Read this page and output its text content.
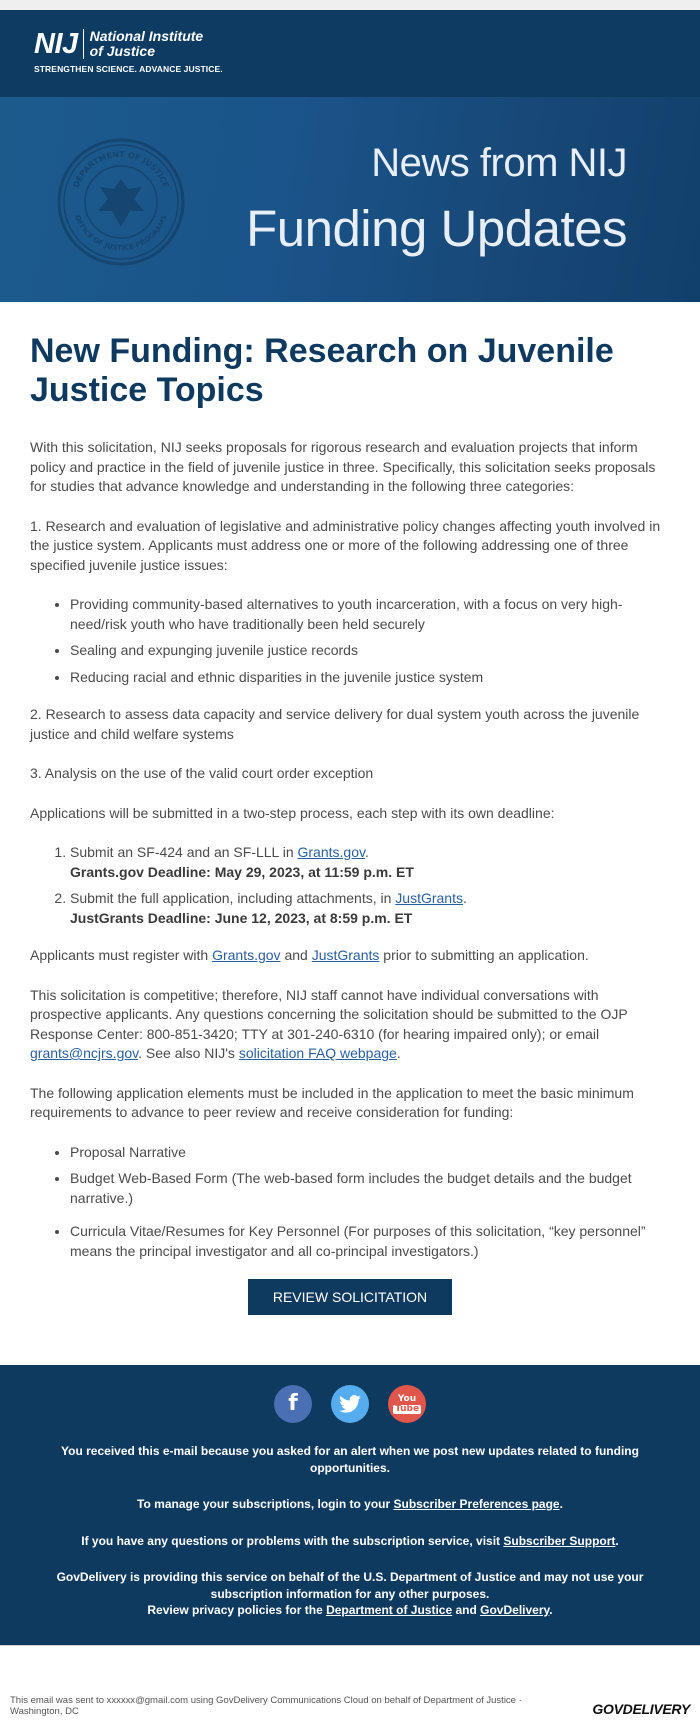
NIJ National Institute
of Justice
STRENGTHEN SCIENCE. ADVANCE JUSTICE.
DEPARTMENT OF JUSTICE
OFFICE OF JUSTICE PROGRAMS
News from NIJ
Funding Updates
New Funding: Research on Juvenile Justice Topics

With this solicitation, NIJ seeks proposals for rigorous research and evaluation projects that inform policy and practice in the field of juvenile justice in three. Specifically, this solicitation seeks proposals for studies that advance knowledge and understanding in the following three categories:

1. Research and evaluation of legislative and administrative policy changes affecting youth involved in the justice system. Applicants must address one or more of the following addressing one of three specified juvenile justice issues:

• Providing community-based alternatives to youth incarceration, with a focus on very high-need/risk youth who have traditionally been held securely
• Sealing and expunging juvenile justice records
• Reducing racial and ethnic disparities in the juvenile justice system

2. Research to assess data capacity and service delivery for dual system youth across the juvenile justice and child welfare systems

3. Analysis on the use of the valid court order exception

Applications will be submitted in a two-step process, each step with its own deadline:

1. Submit an SF-424 and an SF-LLL in Grants.gov.
Grants.gov Deadline: May 29, 2023, at 11:59 p.m. ET
2. Submit the full application, including attachments, in JustGrants.
JustGrants Deadline: June 12, 2023, at 8:59 p.m. ET

Applicants must register with Grants.gov and JustGrants prior to submitting an application.

This solicitation is competitive; therefore, NIJ staff cannot have individual conversations with prospective applicants. Any questions concerning the solicitation should be submitted to the OJP Response Center: 800-851-3420; TTY at 301-240-6310 (for hearing impaired only); or email grants@ncjrs.gov. See also NIJ's solicitation FAQ webpage.

The following application elements must be included in the application to meet the basic minimum requirements to advance to peer review and receive consideration for funding:

• Proposal Narrative
• Budget Web-Based Form (The web-based form includes the budget details and the budget narrative.)
• Curricula Vitae/Resumes for Key Personnel (For purposes of this solicitation, “key personnel” means the principal investigator and all co-principal investigators.)
REVIEW SOLICITATION
f	You
Tube

You received this e-mail because you asked for an alert when we post new updates related to funding opportunities.

To manage your subscriptions, login to your Subscriber Preferences page.

If you have any questions or problems with the subscription service, visit Subscriber Support.

GovDelivery is providing this service on behalf of the U.S. Department of Justice and may not use your subscription information for any other purposes.
Review privacy policies for the Department of Justice and GovDelivery.

This email was sent to xxxxxx@gmail.com using GovDelivery Communications Cloud on behalf of Department of Justice · Washington, DC	GOVDELIVERY
